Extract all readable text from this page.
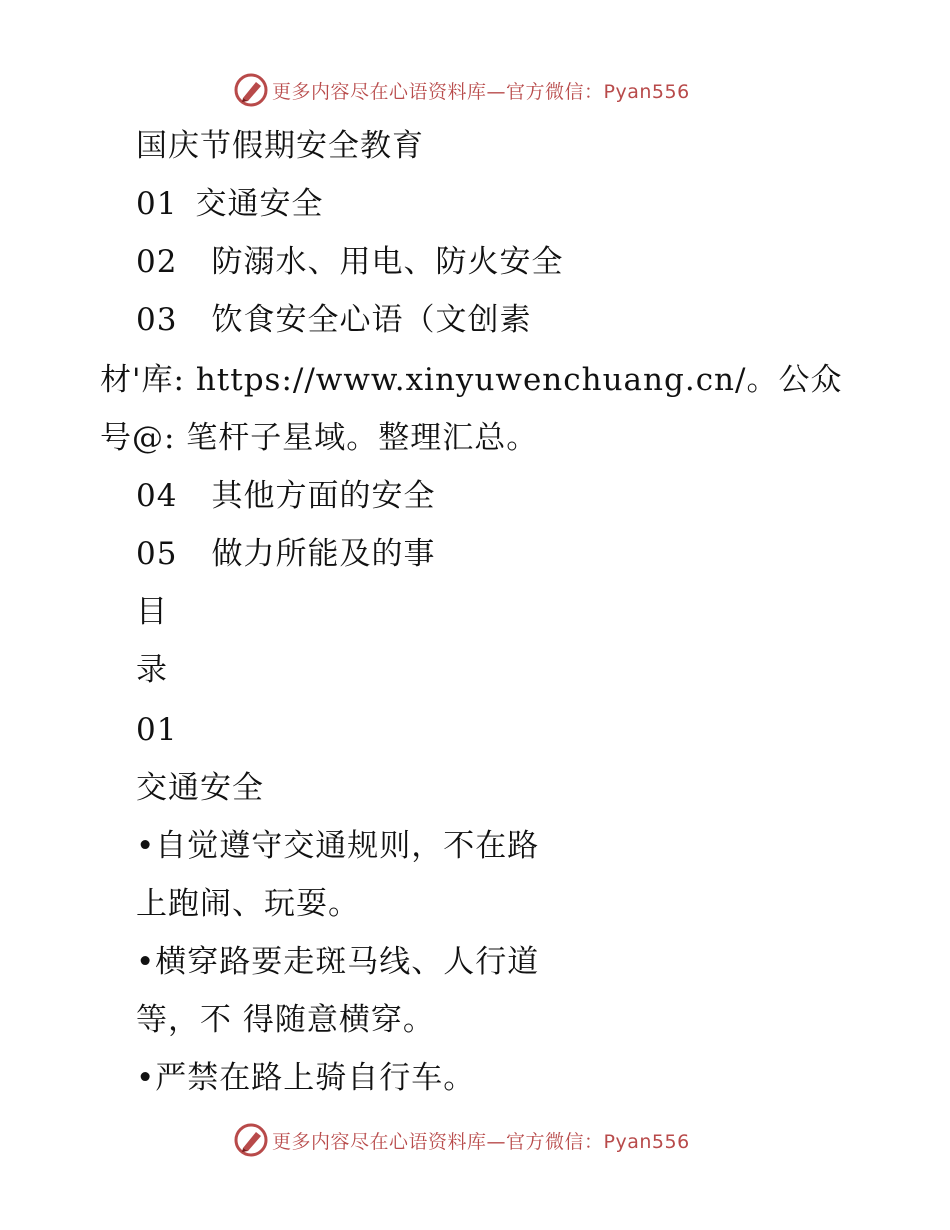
更多内容尽在心语资料库—官方微信：Pyan556
国庆节假期安全教育
01 交通安全
02 防溺水、用电、防火安全
03 饮食安全心语（文创素
材'库: https://www.xinyuwenchuang.cn/。公众
号@: 笔杆子星域。整理汇总。
04 其他方面的安全
05 做力所能及的事
目
录
01
交通安全
•自觉遵守交通规则，不在路
上跑闹、玩耍。
•横穿路要走斑马线、人行道
等，不 得随意横穿。
•严禁在路上骑自行车。
更多内容尽在心语资料库—官方微信：Pyan556
